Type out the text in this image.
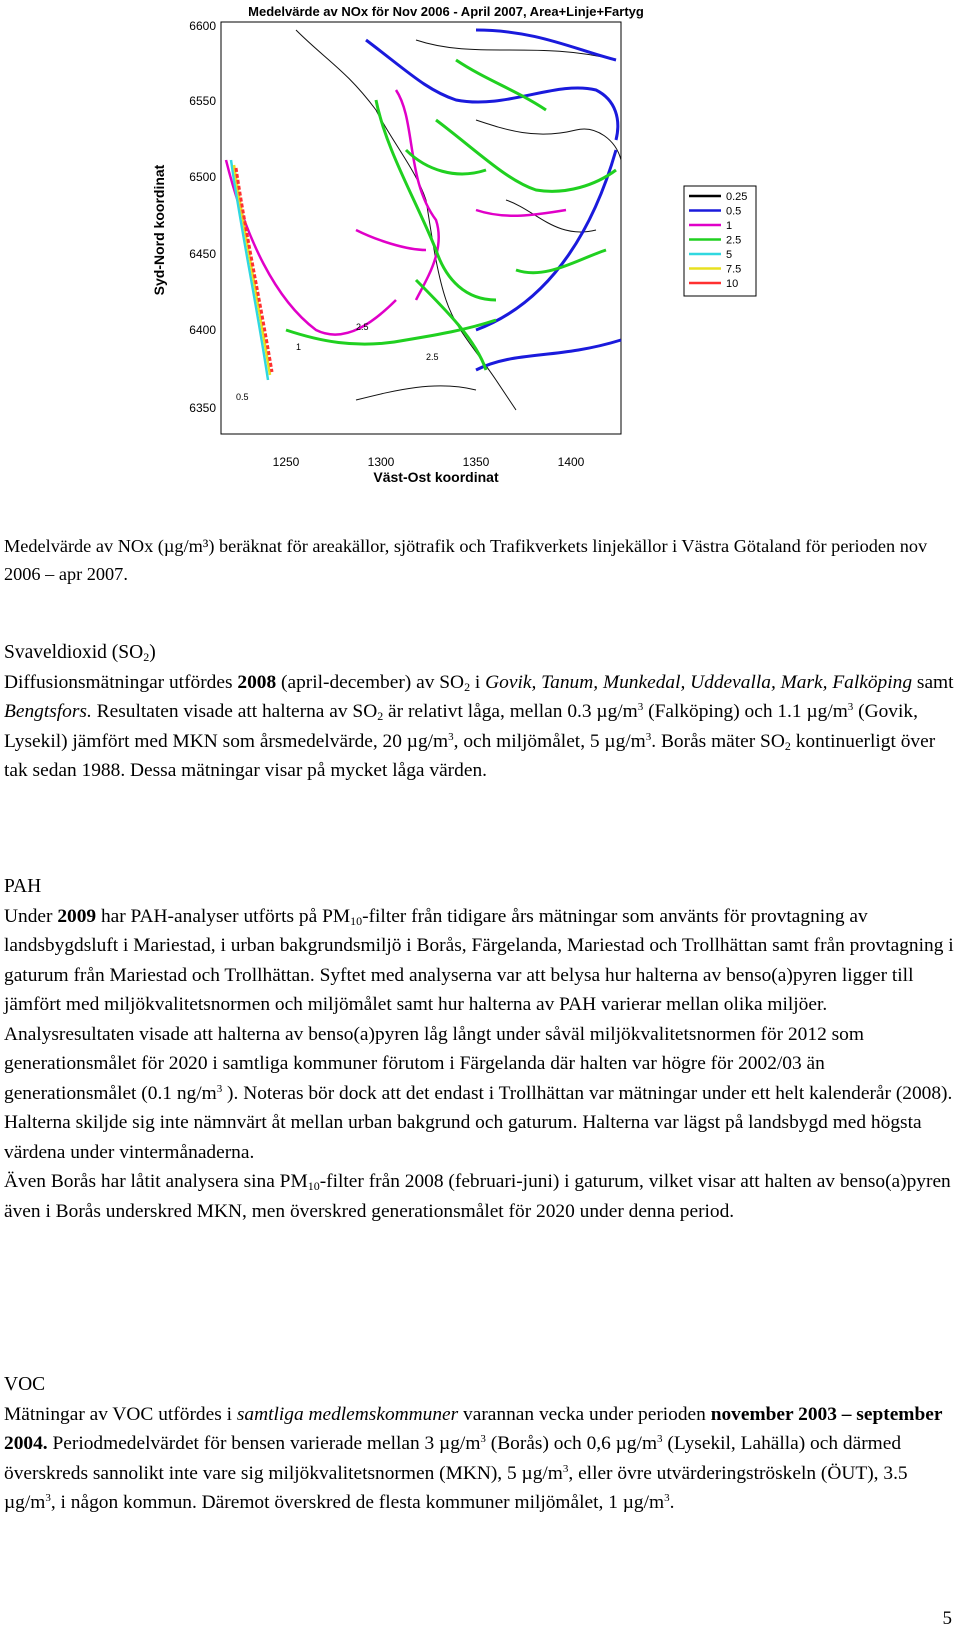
Medelvärde av NOx för Nov 2006 - April 2007, Area+Linje+Fartyg
0.5
1
2.5
2.5
6600
6550
6500
6450
6400
6350
Syd-Nord koordinat
1250	1300	1350	1400
Väst-Ost koordinat
0.25
0.5
1
2.5
5
7.5
10
Medelvärde av NOx (µg/m³) beräknat för areakällor, sjötrafik och Trafikverkets linjekällor i Västra Götaland för perioden nov 2006 – apr 2007.
Svaveldioxid $(SO_2)$
Diffusionsmätningar utfördes 2008 (april-december) av $SO_2$ i Govik, Tanum, Munkedal, Uddevalla, Mark, Falköping samt Bengtsfors. Resultaten visade att halterna av $SO_2$ är relativt låga, mellan 0.3 $\mu g/m^3$ (Falköping) och 1.1 $\mu g/m^3$ (Govik, Lysekil) jämfört med MKN som årsmedelvärde, 20 $\mu g/m^3$, och miljömålet, 5 $\mu g/m^3$. Borås mäter $SO_2$ kontinuerligt över tak sedan 1988. Dessa mätningar visar på mycket låga värden.
PAH
Under 2009 har PAH-analyser utförts på $PM_{10}$-filter från tidigare års mätningar som använts för provtagning av landsbygdsluft i Mariestad, i urban bakgrundsmiljö i Borås, Färgelanda, Mariestad och Trollhättan samt från provtagning i gaturum från Mariestad och Trollhättan. Syftet med analyserna var att belysa hur halterna av benso(a)pyren ligger till jämfört med miljökvalitetsnormen och miljömålet samt hur halterna av PAH varierar mellan olika miljöer. Analysresultaten visade att halterna av benso(a)pyren låg långt under såväl miljökvalitetsnormen för 2012 som generationsmålet för 2020 i samtliga kommuner förutom i Färgelanda där halten var högre för 2002/03 än generationsmålet (0.1 $ng/m^3$ ). Noteras bör dock att det endast i Trollhättan var mätningar under ett helt kalenderår (2008). Halterna skiljde sig inte nämnvärt åt mellan urban bakgrund och gaturum. Halterna var lägst på landsbygd med högsta värdena under vintermånaderna.
Även Borås har låtit analysera sina $PM_{10}$-filter från 2008 (februari-juni) i gaturum, vilket visar att halten av benso(a)pyren även i Borås underskred MKN, men överskred generationsmålet för 2020 under denna period.
VOC
Mätningar av VOC utfördes i samtliga medlemskommuner varannan vecka under perioden november 2003 – september 2004. Periodmedelvärdet för bensen varierade mellan 3 $\mu g/m^3$ (Borås) och 0,6 $\mu g/m^3$ (Lysekil, Lahälla) och därmed överskreds sannolikt inte vare sig miljökvalitetsnormen (MKN), 5 $\mu g/m^3$, eller övre utvärderingströskeln (ÖUT), 3.5 $\mu g/m^3$, i någon kommun. Däremot överskred de flesta kommuner miljömålet, 1 $\mu g/m^3$.
5
